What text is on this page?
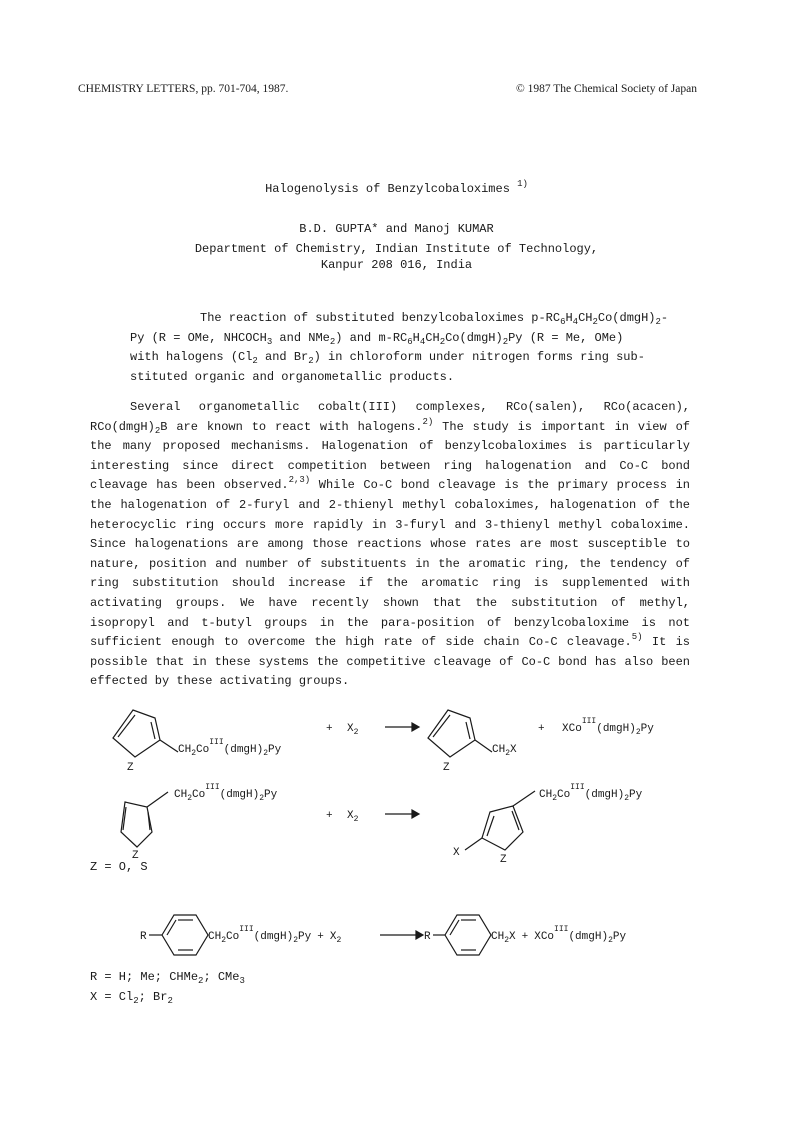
CHEMISTRY LETTERS, pp. 701-704, 1987.	© 1987 The Chemical Society of Japan
Halogenolysis of Benzylcobaloximes $^{1)}$
B.D. GUPTA* and Manoj KUMAR
Department of Chemistry, Indian Institute of Technology,
Kanpur 208 016, India
The reaction of substituted benzylcobaloximes $p-RC_6H_4CH_2Co(dmgH)_2-$
Py (R = OMe, $NHCOCH_3$ and NMe$_2$) and $m-RC_6H_4CH_2Co(dmgH)_2Py$ (R = Me, OMe)
with halogens ($Cl_2$ and $Br_2$) in chloroform under nitrogen forms ring sub-
stituted organic and organometallic products.

Several organometallic cobalt(III) complexes, RCo(salen), RCo(acacen), $RCo(dmgH)_2B$ are known to react with halogens.$^{2)}$ The study is important in view of the many proposed mechanisms. Halogenation of benzylcobaloximes is particularly interesting since direct competition between ring halogenation and Co-C bond cleavage has been observed.$^{2,3)}$ While Co-C bond cleavage is the primary process in the halogenation of 2-furyl and 2-thienyl methyl cobaloximes, halogenation of the heterocyclic ring occurs more rapidly in 3-furyl and 3-thienyl methyl cobaloxime. Since halogenations are among those reactions whose rates are most susceptible to nature, position and number of substituents in the aromatic ring, the tendency of ring substitution should increase if the aromatic ring is supplemented with activating groups. We have recently shown that the substitution of methyl, isopropyl and t-butyl groups in the para-position of benzylcobaloxime is not sufficient enough to overcome the high rate of side chain Co-C cleavage.$^{5)}$ It is possible that in these systems the competitive cleavage of Co-C bond has also been effected by these activating groups.

Z
$CH_2Co^{III}(dmgH)_2Py$
+ $X_2$
Z
$CH_2X$
+ $XCo^{III}(dmgH)_2Py$
Z
$CH_2Co^{III}(dmgH)_2Py$
+ $X_2$
X
Z
$CH_2Co^{III}(dmgH)_2Py$
R	$CH_2Co^{III}(dmgH)_2Py + X_2$	R	$CH_2X$ + $XCo^{III}(dmgH)_2Py$
Z = O, S
R = H; Me; CHMe$_2$; CMe$_3$
$X = Cl_2$; $Br_2$
